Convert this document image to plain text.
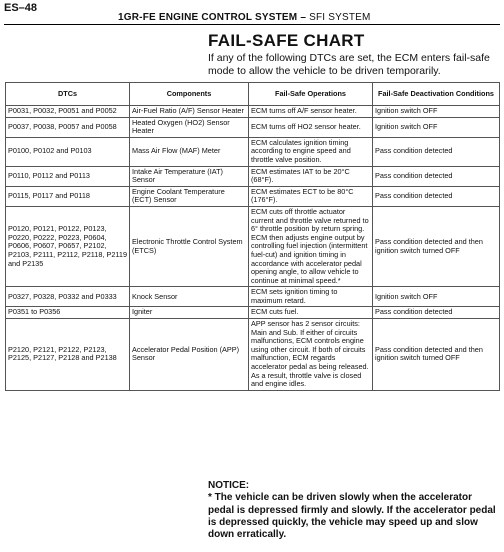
ES–48
1GR-FE ENGINE CONTROL SYSTEM – SFI SYSTEM
FAIL-SAFE CHART
If any of the following DTCs are set, the ECM enters fail-safe mode to allow the vehicle to be driven temporarily.
DTCs	Components	Fail-Safe Operations	Fail-Safe Deactivation Conditions
P0031, P0032, P0051 and P0052	Air-Fuel Ratio (A/F) Sensor Heater	ECM turns off A/F sensor heater.	Ignition switch OFF
P0037, P0038, P0057 and P0058	Heated Oxygen (HO2) Sensor Heater	ECM turns off HO2 sensor heater.	Ignition switch OFF
P0100, P0102 and P0103	Mass Air Flow (MAF) Meter	ECM calculates ignition timing according to engine speed and throttle valve position.	Pass condition detected
P0110, P0112 and P0113	Intake Air Temperature (IAT) Sensor	ECM estimates IAT to be 20°C (68°F).	Pass condition detected
P0115, P0117 and P0118	Engine Coolant Temperature (ECT) Sensor	ECM estimates ECT to be 80°C (176°F).	Pass condition detected
P0120, P0121, P0122, P0123, P0220, P0222, P0223, P0604, P0606, P0607, P0657, P2102, P2103, P2111, P2112, P2118, P2119 and P2135	Electronic Throttle Control System (ETCS)	ECM cuts off throttle actuator current and throttle valve returned to 6° throttle position by return spring. ECM then adjusts engine output by controlling fuel injection (intermittent fuel-cut) and ignition timing in accordance with accelerator pedal opening angle, to allow vehicle to continue at minimal speed.*	Pass condition detected and then ignition switch turned OFF
P0327, P0328, P0332 and P0333	Knock Sensor	ECM sets ignition timing to maximum retard.	Ignition switch OFF
P0351 to P0356	Igniter	ECM cuts fuel.	Pass condition detected
P2120, P2121, P2122, P2123, P2125, P2127, P2128 and P2138	Accelerator Pedal Position (APP) Sensor	APP sensor has 2 sensor circuits: Main and Sub. If either of circuits malfunctions, ECM controls engine using other circuit. If both of circuits malfunction, ECM regards accelerator pedal as being released. As a result, throttle valve is closed and engine idles.	Pass condition detected and then ignition switch turned OFF
NOTICE:
* The vehicle can be driven slowly when the accelerator pedal is depressed firmly and slowly. If the accelerator pedal is depressed quickly, the vehicle may speed up and slow down erratically.
